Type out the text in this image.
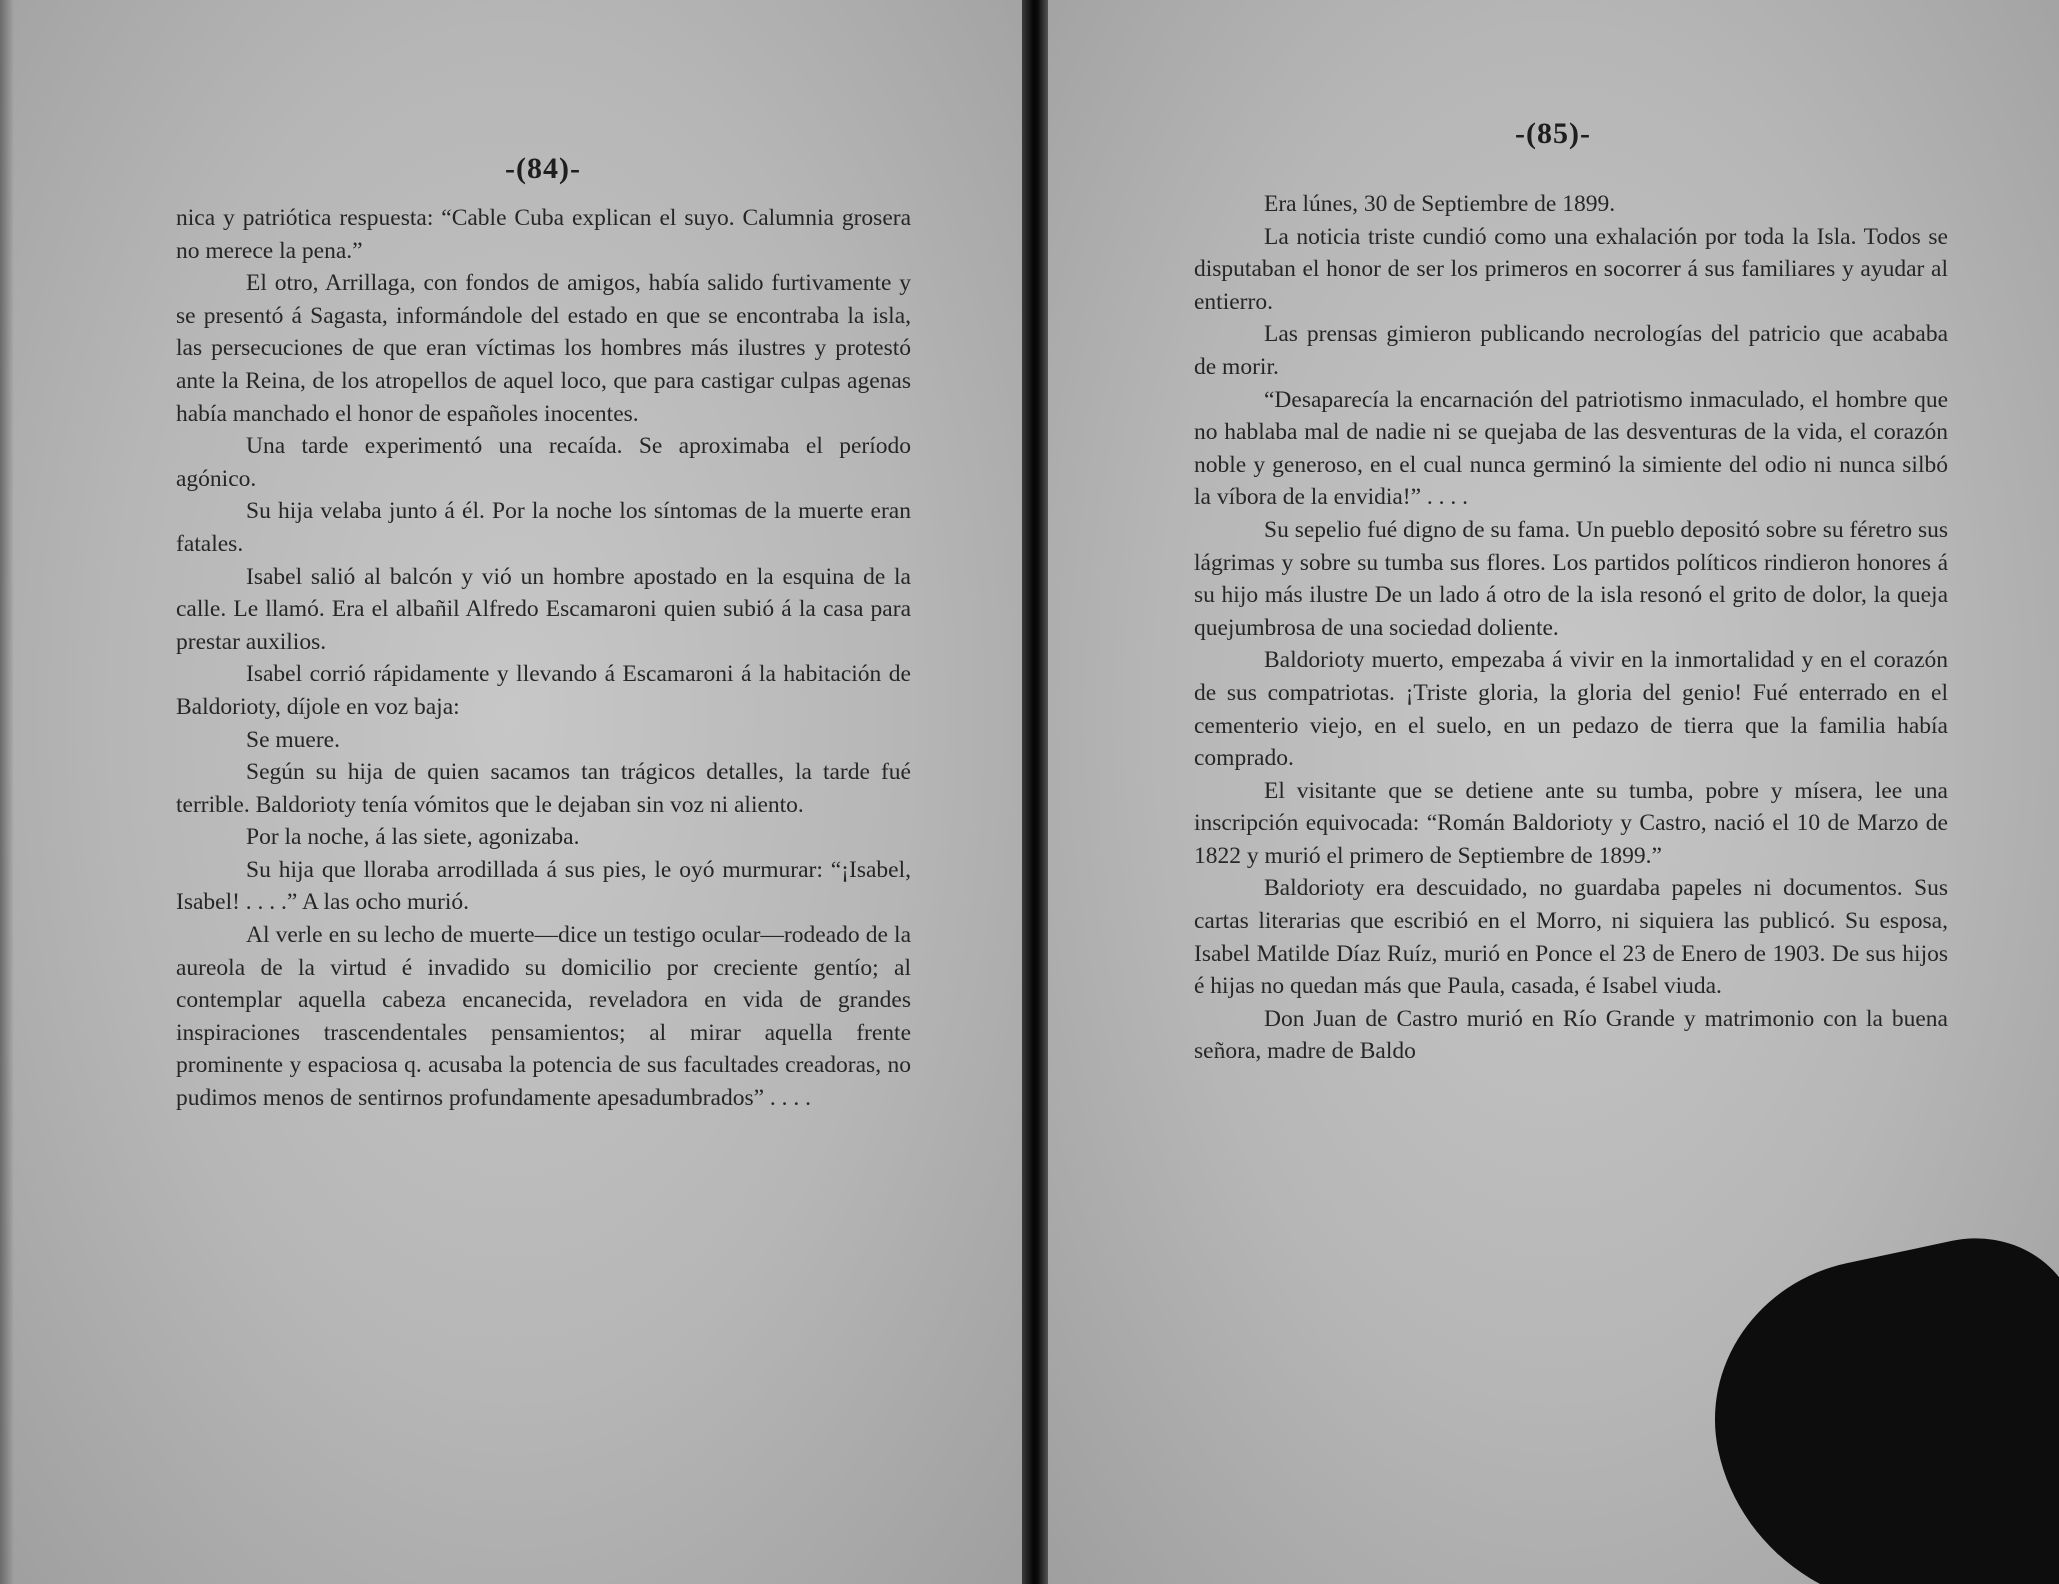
-(84)-

nica y patriótica respuesta: “Cable Cuba explican el suyo. Calumnia grosera no merece la pena.”

El otro, Arrillaga, con fondos de amigos, había salido furtivamente y se presentó á Sagasta, informándole del estado en que se encontraba la isla, las persecuciones de que eran víctimas los hombres más ilustres y protestó ante la Reina, de los atropellos de aquel loco, que para castigar culpas agenas había manchado el honor de españoles inocentes.

Una tarde experimentó una recaída. Se aproximaba el período agónico.

Su hija velaba junto á él. Por la noche los síntomas de la muerte eran fatales.

Isabel salió al balcón y vió un hombre apostado en la esquina de la calle. Le llamó. Era el albañil Alfredo Escamaroni quien subió á la casa para prestar auxilios.

Isabel corrió rápidamente y llevando á Escamaroni á la habitación de Baldorioty, díjole en voz baja:

Se muere.

Según su hija de quien sacamos tan trágicos detalles, la tarde fué terrible. Baldorioty tenía vómitos que le dejaban sin voz ni aliento.

Por la noche, á las siete, agonizaba.

Su hija que lloraba arrodillada á sus pies, le oyó murmurar: “¡Isabel, Isabel! . . . .” A las ocho murió.

Al verle en su lecho de muerte—dice un testigo ocular—rodeado de la aureola de la virtud é invadido su domicilio por creciente gentío; al contemplar aquella cabeza encanecida, reveladora en vida de grandes inspiraciones trascendentales pensamientos; al mirar aquella frente prominente y espaciosa q. acusaba la potencia de sus facultades creadoras, no pudimos menos de sentirnos profundamente apesadumbrados” . . . .

-(85)-

Era lúnes, 30 de Septiembre de 1899.

La noticia triste cundió como una exhalación por toda la Isla. Todos se disputaban el honor de ser los primeros en socorrer á sus familiares y ayudar al entierro.

Las prensas gimieron publicando necrologías del patricio que acababa de morir.

“Desaparecía la encarnación del patriotismo inmaculado, el hombre que no hablaba mal de nadie ni se quejaba de las desventuras de la vida, el corazón noble y generoso, en el cual nunca germinó la simiente del odio ni nunca silbó la víbora de la envidia!” . . . .

Su sepelio fué digno de su fama. Un pueblo depositó sobre su féretro sus lágrimas y sobre su tumba sus flores. Los partidos políticos rindieron honores á su hijo más ilustre De un lado á otro de la isla resonó el grito de dolor, la queja quejumbrosa de una sociedad doliente.

Baldorioty muerto, empezaba á vivir en la inmortalidad y en el corazón de sus compatriotas. ¡Triste gloria, la gloria del genio! Fué enterrado en el cementerio viejo, en el suelo, en un pedazo de tierra que la familia había comprado.

El visitante que se detiene ante su tumba, pobre y mísera, lee una inscripción equivocada: “Román Baldorioty y Castro, nació el 10 de Marzo de 1822 y murió el primero de Septiembre de 1899.”

Baldorioty era descuidado, no guardaba papeles ni documentos. Sus cartas literarias que escribió en el Morro, ni siquiera las publicó. Su esposa, Isabel Matilde Díaz Ruíz, murió en Ponce el 23 de Enero de 1903. De sus hijos é hijas no quedan más que Paula, casada, é Isabel viuda.

Don Juan de Castro murió en Río Grande y matrimonio con la buena señora, madre de Baldo
